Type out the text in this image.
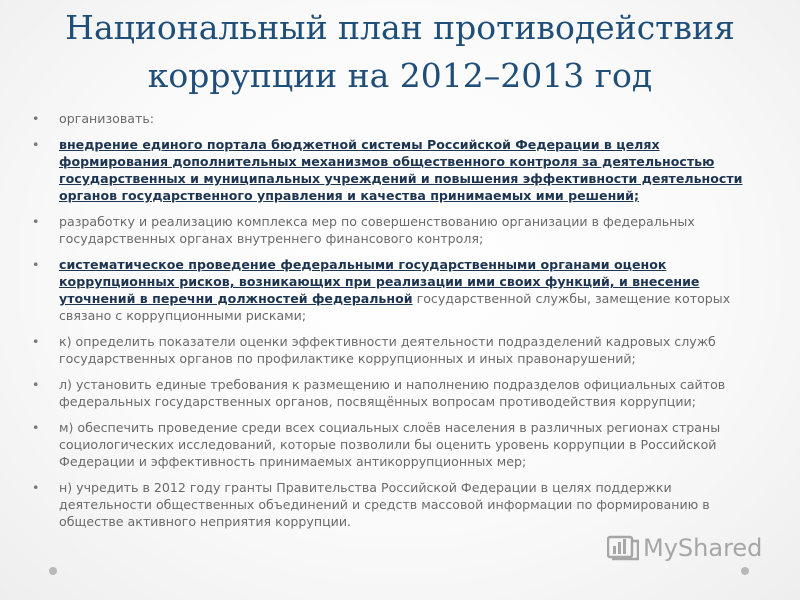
Национальный план противодействия коррупции на 2012–2013 год
• организовать:
• внедрение единого портала бюджетной системы Российской Федерации в целях формирования дополнительных механизмов общественного контроля за деятельностью государственных и муниципальных учреждений и повышения эффективности деятельности органов государственного управления и качества принимаемых ими решений;
• разработку и реализацию комплекса мер по совершенствованию организации в федеральных государственных органах внутреннего финансового контроля;
• систематическое проведение федеральными государственными органами оценок коррупционных рисков, возникающих при реализации ими своих функций, и внесение уточнений в перечни должностей федеральной государственной службы, замещение которых связано с коррупционными рисками;
• к) определить показатели оценки эффективности деятельности подразделений кадровых служб государственных органов по профилактике коррупционных и иных правонарушений;
• л) установить единые требования к размещению и наполнению подразделов официальных сайтов федеральных государственных органов, посвящённых вопросам противодействия коррупции;
• м) обеспечить проведение среди всех социальных слоёв населения в различных регионах страны социологических исследований, которые позволили бы оценить уровень коррупции в Российской Федерации и эффективность принимаемых антикоррупционных мер;
• н) учредить в 2012 году гранты Правительства Российской Федерации в целях поддержки деятельности общественных объединений и средств массовой информации по формированию в обществе активного неприятия коррупции.
MyShared
